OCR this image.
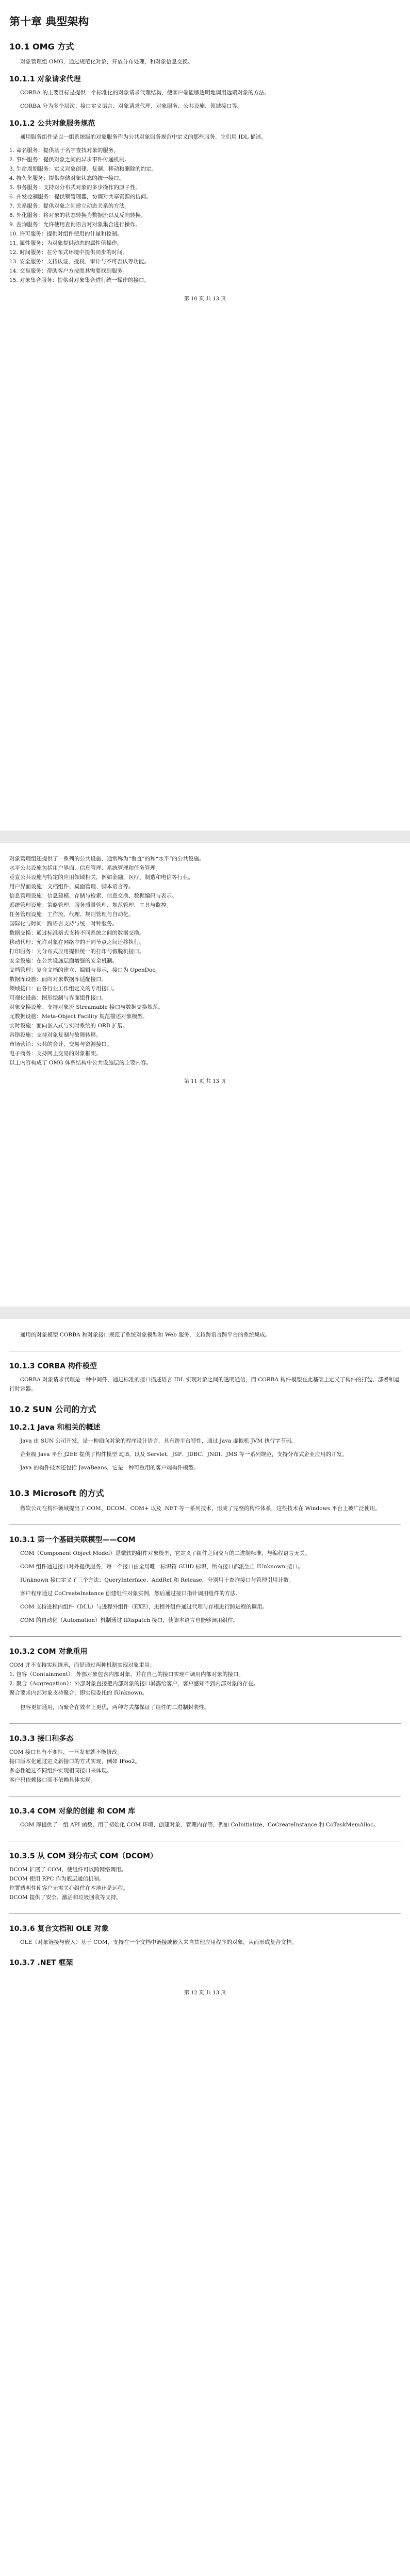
第十章 典型架构
10.1 OMG 方式

对象管理组 OMG，通过规范化对象，开放分布处理，和对象信息交换。

10.1.1 对象请求代理

CORBA 的主要目标是提供一个标准化的对象请求代理结构，使客户端能够透明地调用远端对象的方法。

CORBA 分为多个层次：接口定义语言、对象请求代理、对象服务、公共设施、领域接口等。

10.1.2 公共对象服务规范

通用服务组件是以一组系统级的对象服务作为公共对象服务规范中定义的那些服务，它们用 IDL 描述。

1. 命名服务：提供基于名字查找对象的服务。
2. 事件服务：提供对象之间的异步事件传递机制。
3. 生命周期服务：定义对象创建、复制、移动和删除的约定。
4. 持久化服务：提供存储对象状态的统一接口。
5. 事务服务：支持对分布式对象的多步操作的原子性。
6. 并发控制服务：提供锁管理器，协调对共享资源的访问。
7. 关系服务：提供对象之间建立动态关系的方法。
8. 外化服务：将对象的状态转换为数据流以及反向转换。
9. 查询服务：允许使用查询语言对对象集合进行操作。
10. 许可服务：提供对组件使用的计量和控制。
11. 属性服务：为对象提供动态的属性值操作。
12. 时间服务：在分布式环境中提供同步的时间。
13. 安全服务：支持认证、授权、审计与不可否认等功能。
14. 交易服务：帮助客户方按照其需要找到服务。
15. 对象集合服务：提供对对象集合进行统一操作的接口。
第 10 页 共 13 页
对象管理组还提供了一系列的公共设施，通常称为“垂直”的和“水平”的公共设施。
水平公共设施包括用户界面、信息管理、系统管理和任务管理。
垂直公共设施与特定的应用领域相关，例如金融、医疗、制造和电信等行业。
用户界面设施：文档组件、桌面管理、脚本语言等。
信息管理设施：信息建模、存储与检索、信息交换、数据编码与表示。
系统管理设施：策略管理、服务质量管理、规范管理、工具与监控。
任务管理设施：工作流、代理、规则管理与自动化。
国际化与时间：跨语言支持与统一时钟服务。
数据交换：通过标准格式支持不同系统之间的数据交换。
移动代理：允许对象在网络中的不同节点之间迁移执行。
打印服务：为分布式应用提供统一的打印与假脱机接口。
安全设施：在公共设施层面增强的安全机制。
文档管理：复合文档的建立、编辑与显示，接口为 OpenDoc。
数据库设施：面向对象数据库适配接口。
领域接口：由各行业工作组定义的专用接口。
可视化设施：图形绘制与界面组件接口。
对象交换设施：支持对象流 Streamable 接口与数据交换规范。
元数据设施：Meta-Object Facility 规范描述对象模型。
实时设施：面向嵌入式与实时系统的 ORB 扩展。
容错设施：支持对象复制与故障转移。
市场营销：公共的会计、交易与资源接口。
电子商务：支持网上交易的对象框架。
以上内容构成了 OMG 体系结构中公共设施层的主要内容。
第 11 页 共 13 页

通用的对象模型 CORBA 和对象接口规范了系统对象模型和 Web 服务，支持跨语言跨平台的系统集成。

10.1.3 CORBA 构件模型

CORBA 对象请求代理是一种中间件，通过标准的接口描述语言 IDL 实现对象之间的透明通信，而 CORBA 构件模型在此基础上定义了构件的打包、部署和运行时容器。

10.2 SUN 公司的方式
10.2.1 Java 和相关的概述

Java 由 SUN 公司开发，是一种面向对象的程序设计语言，具有跨平台特性，通过 Java 虚拟机 JVM 执行字节码。

企业级 Java 平台 J2EE 提供了构件模型 EJB，以及 Servlet、JSP、JDBC、JNDI、JMS 等一系列规范，支持分布式企业应用的开发。

Java 的构件技术还包括 JavaBeans，它是一种可重用的客户端构件模型。

10.3 Microsoft 的方式

微软公司在构件领域提出了 COM、DCOM、COM+ 以及 .NET 等一系列技术，形成了完整的构件体系，这些技术在 Windows 平台上被广泛使用。

10.3.1 第一个基础关联模型——COM

COM（Component Object Model）是微软的组件对象模型，它定义了组件之间交互的二进制标准，与编程语言无关。

COM 组件通过接口对外提供服务，每一个接口由全局唯一标识符 GUID 标识，所有接口都派生自 IUnknown 接口。

IUnknown 接口定义了三个方法：QueryInterface、AddRef 和 Release，分别用于查询接口与管理引用计数。

客户程序通过 CoCreateInstance 创建组件对象实例，然后通过接口指针调用组件的方法。

COM 支持进程内组件（DLL）与进程外组件（EXE），进程外组件通过代理与存根进行跨进程的调用。

COM 的自动化（Automation）机制通过 IDispatch 接口，使脚本语言也能够调用组件。

10.3.2 COM 对象重用
COM 并不支持实现继承，而是通过两种机制实现对象重用：
1. 包容（Containment）：外部对象包含内部对象，并在自己的接口实现中调用内部对象的接口。
2. 聚合（Aggregation）：外部对象直接把内部对象的接口暴露给客户，客户感知不到内部对象的存在。
聚合要求内部对象支持聚合，即实现委托的 IUnknown。

包容更加通用，而聚合在效率上更优，两种方式都保证了组件的二进制封装性。

10.3.3 接口和多态
COM 接口具有不变性，一旦发布就不能修改。
接口版本化通过定义新接口的方式实现，例如 IFoo2。
多态性通过不同组件实现相同接口来体现。
客户只依赖接口而不依赖具体实现。
10.3.4 COM 对象的创建 和 COM 库

COM 库提供了一组 API 函数，用于初始化 COM 环境、创建对象、管理内存等，例如 CoInitialize、CoCreateInstance 和 CoTaskMemAlloc。

10.3.5 从 COM 到分布式 COM（DCOM）
DCOM 扩展了 COM，使组件可以跨网络调用。
DCOM 使用 RPC 作为底层通信机制。
位置透明性使客户无需关心组件在本地还是远程。
DCOM 提供了安全、激活和垃圾回收等支持。
10.3.6 复合文档和 OLE 对象

OLE（对象链接与嵌入）基于 COM，支持在一个文档中链接或嵌入来自其他应用程序的对象，从而形成复合文档。

10.3.7 .NET 框架
第 12 页 共 13 页
